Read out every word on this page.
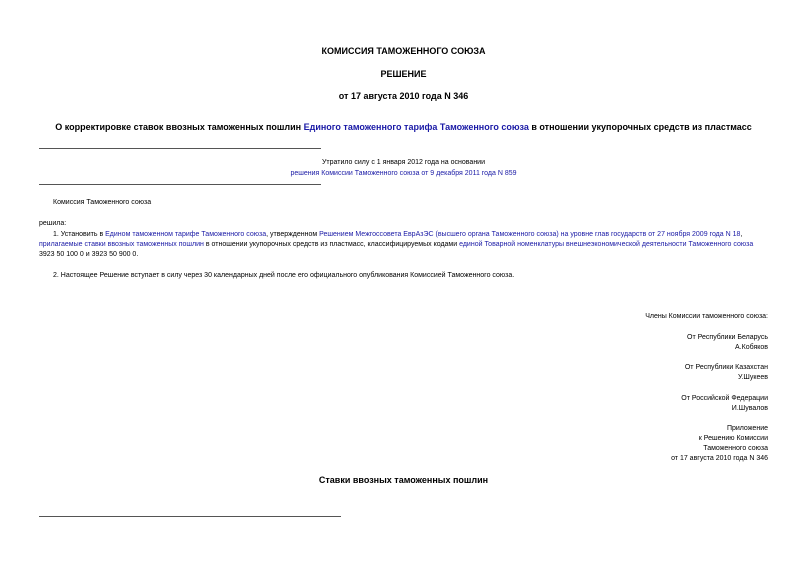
КОМИССИЯ ТАМОЖЕННОГО СОЮЗА
РЕШЕНИЕ
от 17 августа 2010 года N 346
О корректировке ставок ввозных таможенных пошлин Единого таможенного тарифа Таможенного союза в отношении укупорочных средств из пластмасс
Утратило силу с 1 января 2012 года на основании
решения Комиссии Таможенного союза от 9 декабря 2011 года N 859
Комиссия Таможенного союза
решила:
1. Установить в Едином таможенном тарифе Таможенного союза, утвержденном Решением Межгоссовета ЕврАзЭС (высшего органа Таможенного союза) на уровне глав государств от 27 ноября 2009 года N 18,
прилагаемые ставки ввозных таможенных пошлин в отношении укупорочных средств из пластмасс, классифицируемых кодами единой Товарной номенклатуры внешнеэкономической деятельности Таможенного союза
3923 50 100 0 и 3923 50 900 0.
2. Настоящее Решение вступает в силу через 30 календарных дней после его официального опубликования Комиссией Таможенного союза.
Члены Комиссии таможенного союза:
От Республики Беларусь
А.Кобяков
От Республики Казахстан
У.Шукеев
От Российской Федерации
И.Шувалов
Приложение
к Решению Комиссии
Таможенного союза
от 17 августа 2010 года N 346
Ставки ввозных таможенных пошлин
